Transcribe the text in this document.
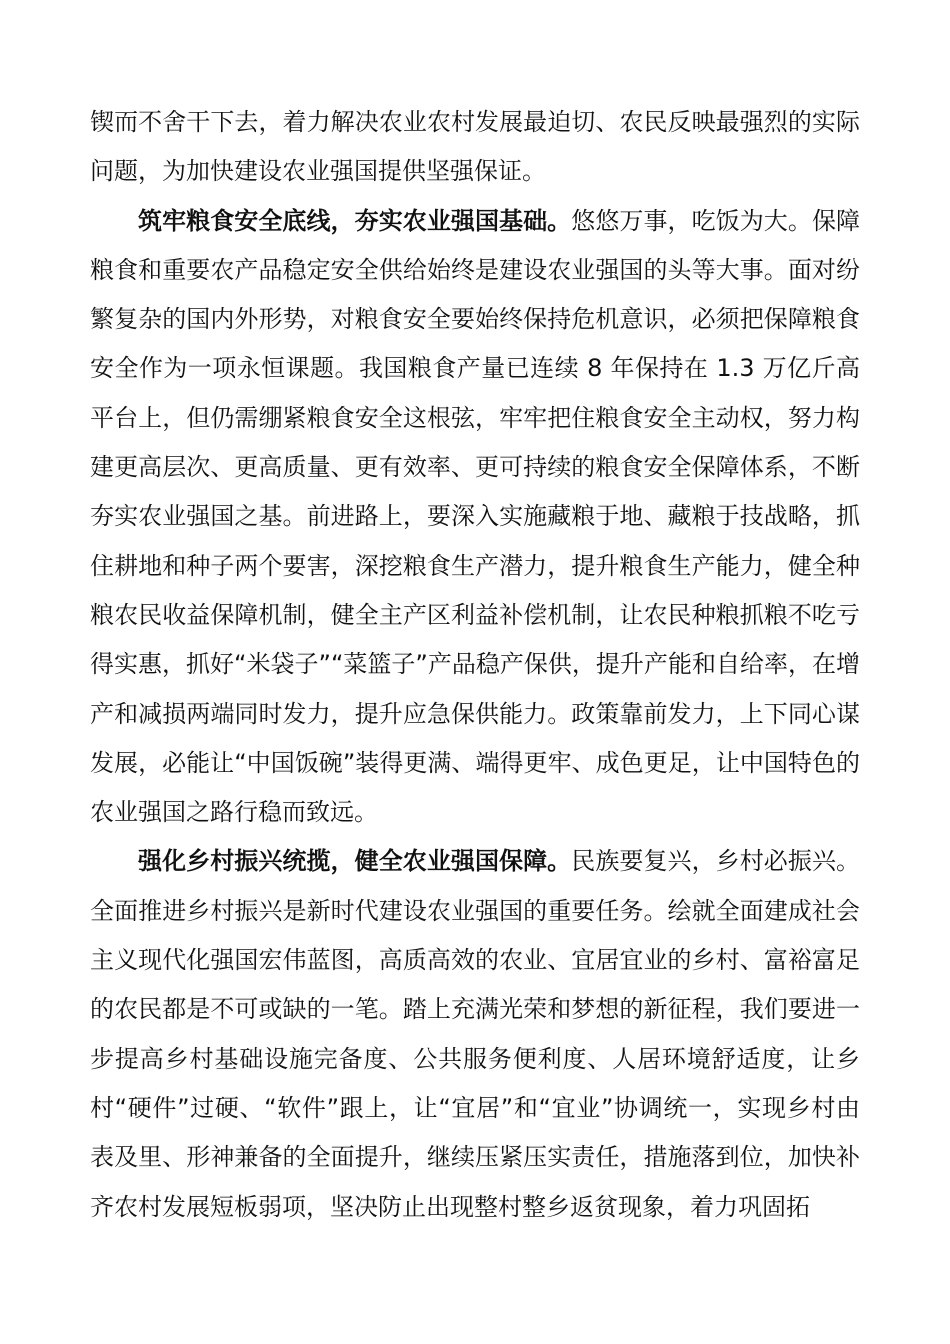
锲而不舍干下去，着力解决农业农村发展最迫切、农民反映最强烈的实际问题，为加快建设农业强国提供坚强保证。

筑牢粮食安全底线，夯实农业强国基础。悠悠万事，吃饭为大。保障粮食和重要农产品稳定安全供给始终是建设农业强国的头等大事。面对纷繁复杂的国内外形势，对粮食安全要始终保持危机意识，必须把保障粮食安全作为一项永恒课题。我国粮食产量已连续 8 年保持在 1.3 万亿斤高平台上，但仍需绷紧粮食安全这根弦，牢牢把住粮食安全主动权，努力构建更高层次、更高质量、更有效率、更可持续的粮食安全保障体系，不断夯实农业强国之基。前进路上，要深入实施藏粮于地、藏粮于技战略，抓住耕地和种子两个要害，深挖粮食生产潜力，提升粮食生产能力，健全种粮农民收益保障机制，健全主产区利益补偿机制，让农民种粮抓粮不吃亏得实惠，抓好“米袋子”“菜篮子”产品稳产保供，提升产能和自给率，在增产和减损两端同时发力，提升应急保供能力。政策靠前发力，上下同心谋发展，必能让“中国饭碗”装得更满、端得更牢、成色更足，让中国特色的农业强国之路行稳而致远。

强化乡村振兴统揽，健全农业强国保障。民族要复兴，乡村必振兴。全面推进乡村振兴是新时代建设农业强国的重要任务。绘就全面建成社会主义现代化强国宏伟蓝图，高质高效的农业、宜居宜业的乡村、富裕富足的农民都是不可或缺的一笔。踏上充满光荣和梦想的新征程，我们要进一步提高乡村基础设施完备度、公共服务便利度、人居环境舒适度，让乡村“硬件”过硬、“软件”跟上，让“宜居”和“宜业”协调统一，实现乡村由表及里、形神兼备的全面提升，继续压紧压实责任，措施落到位，加快补齐农村发展短板弱项，坚决防止出现整村整乡返贫现象，着力巩固拓
